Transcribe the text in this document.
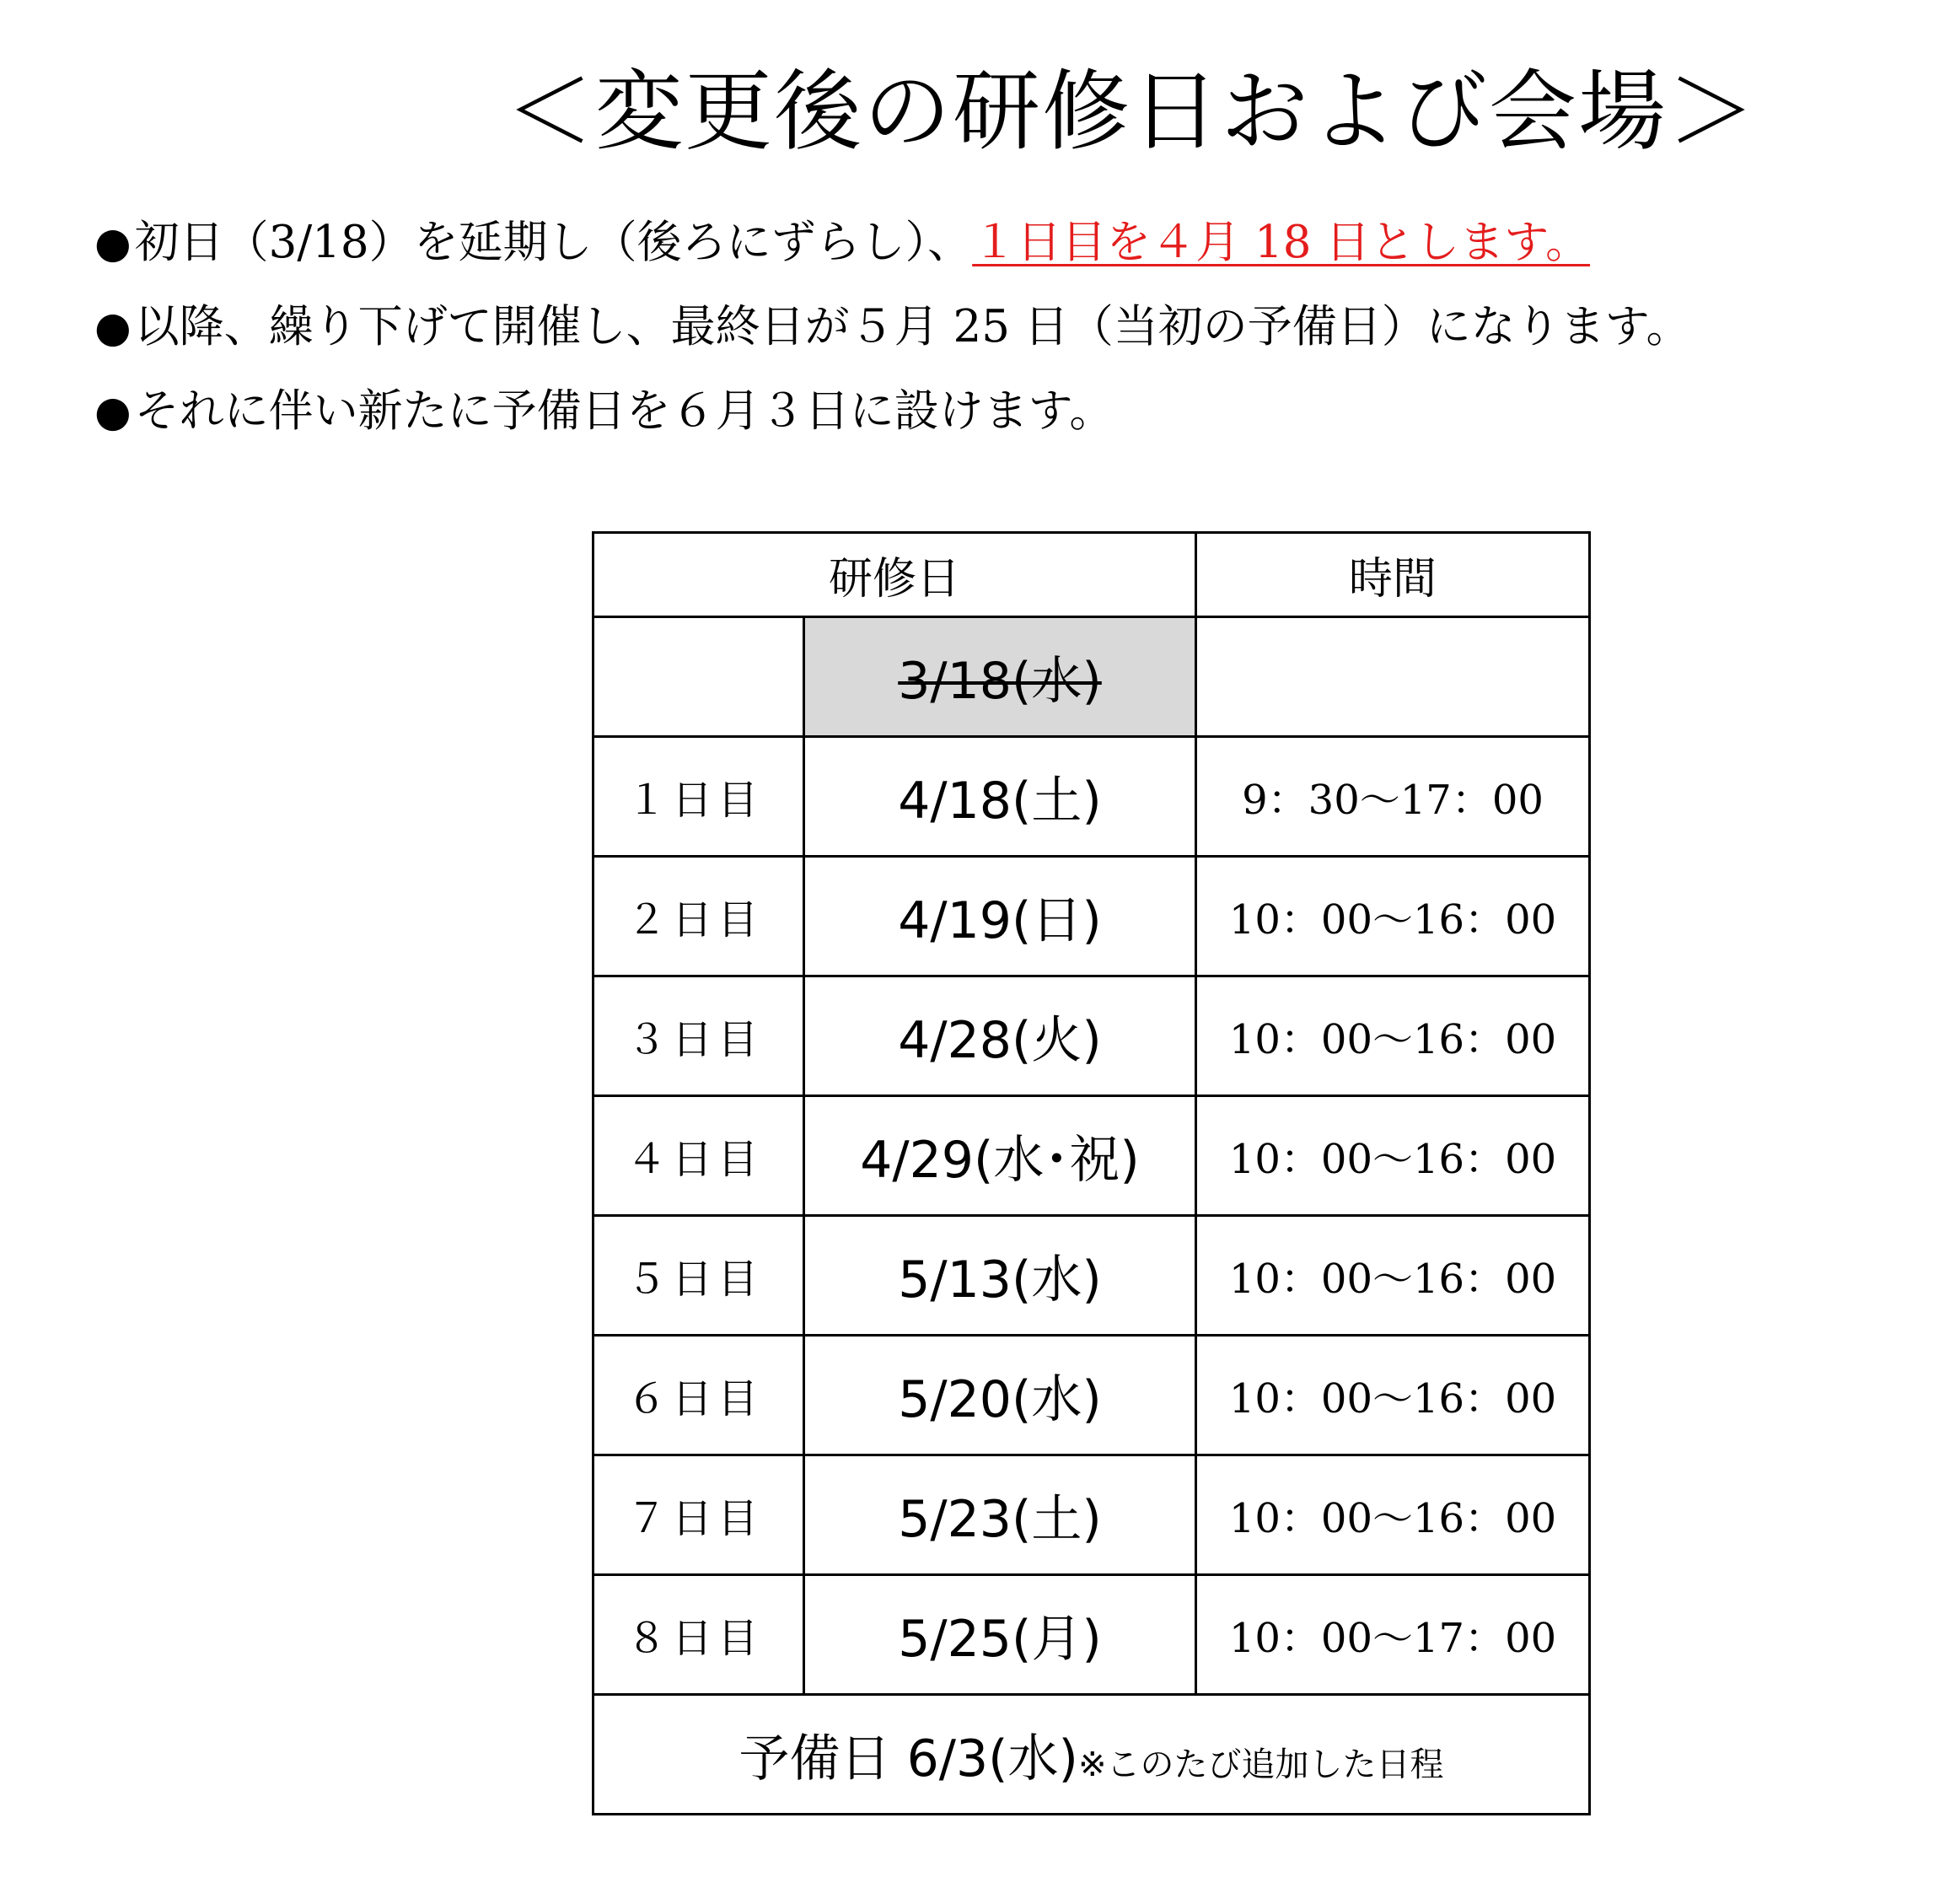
＜変更後の研修日および会場＞
●初日（3/18）を延期し（後ろにずらし）、１日目を４月 18 日とします。
●以降、繰り下げて開催し、最終日が５月 25 日（当初の予備日）になります。
●それに伴い新たに予備日を６月３日に設けます。
研修日		時間
	3/18(水)	
１日目	4/18(土)	9：30～17：00
２日目	4/19(日)	10：00～16：00
３日目	4/28(火)	10：00～16：00
４日目	4/29(水･祝)	10：00～16：00
５日目	5/13(水)	10：00～16：00
６日目	5/20(水)	10：00～16：00
７日目	5/23(土)	10：00～16：00
８日目	5/25(月)	10：00～17：00
予備日 6/3(水)※このたび追加した日程		
